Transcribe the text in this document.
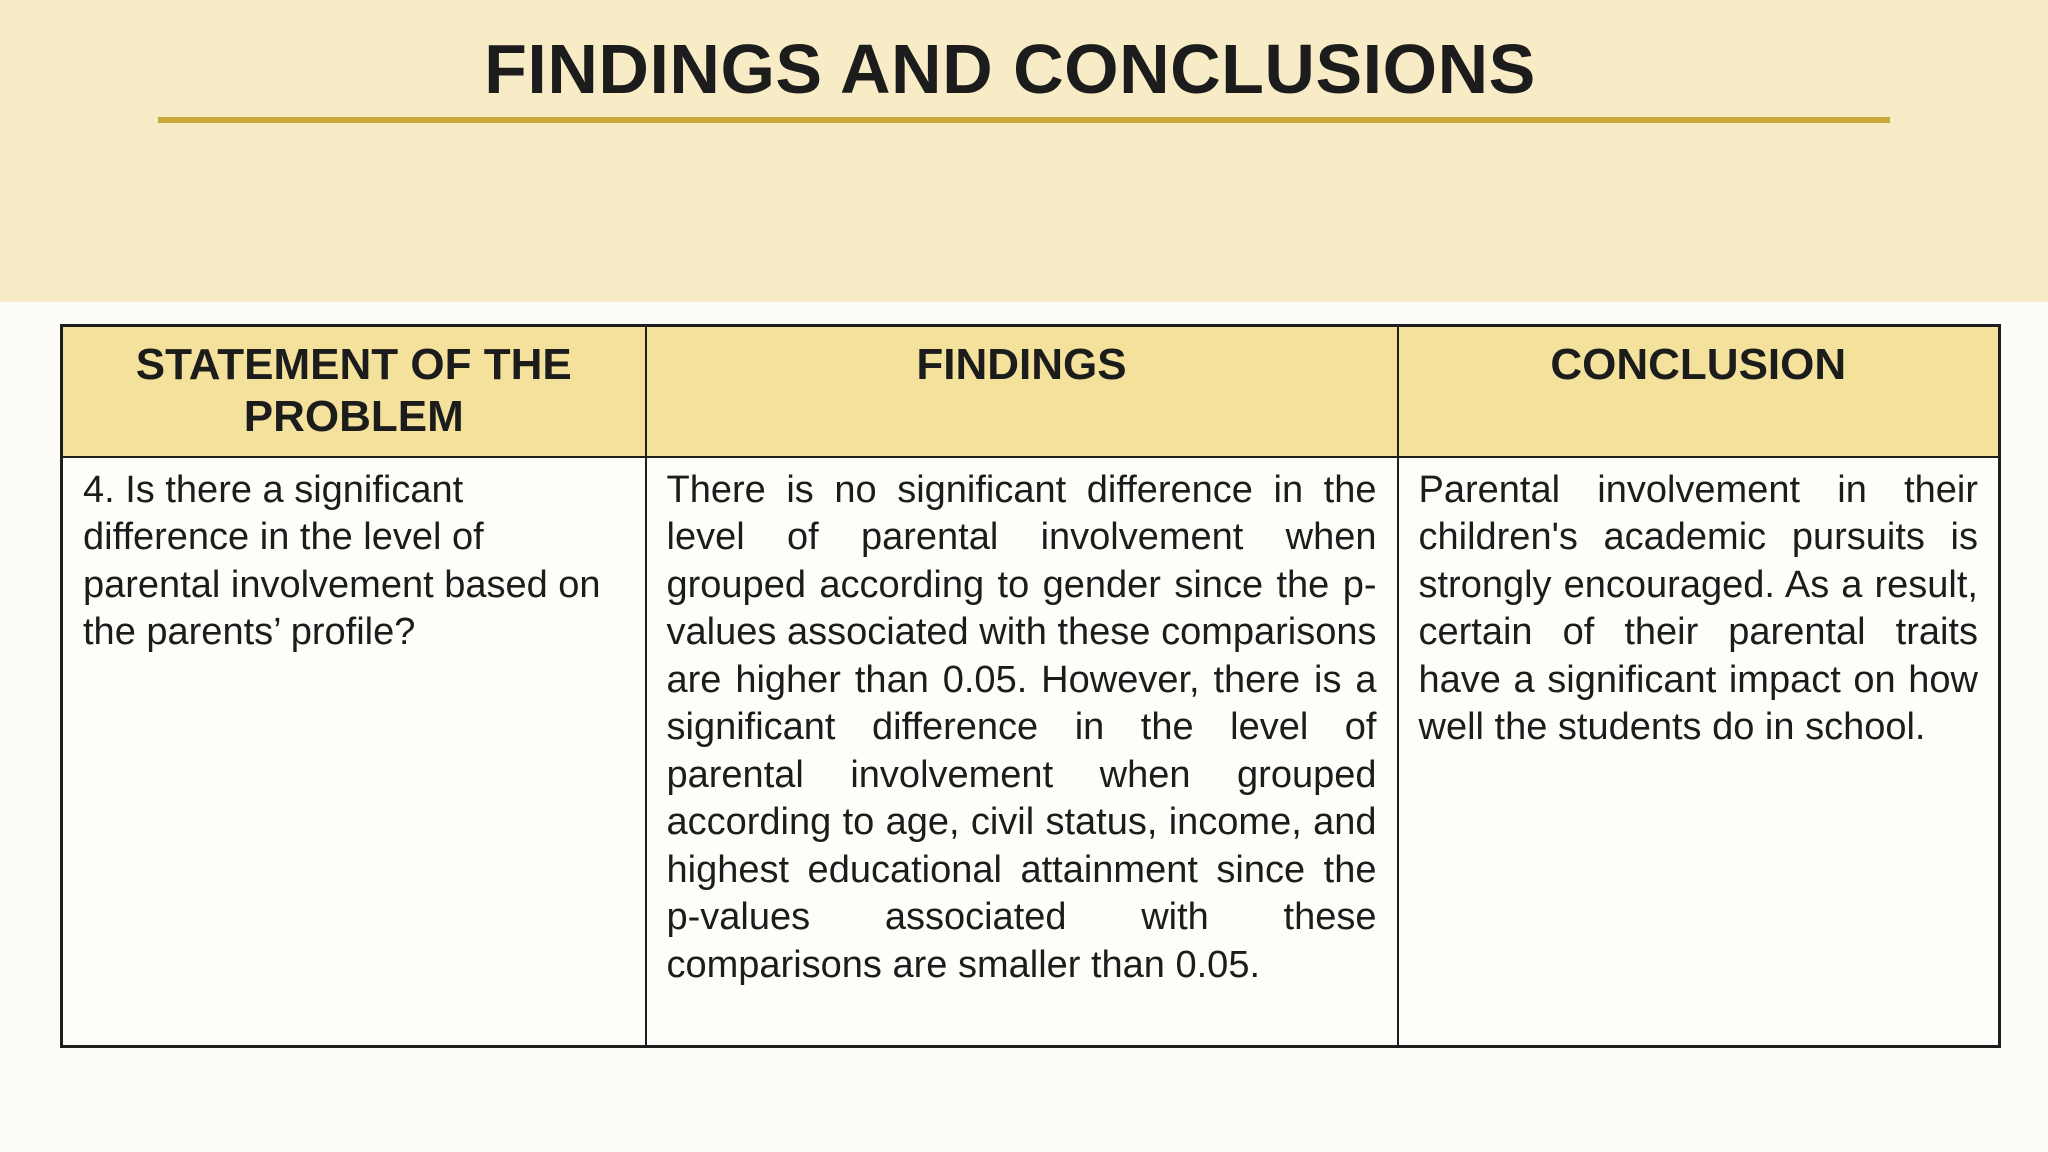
FINDINGS AND CONCLUSIONS
STATEMENT OF THE PROBLEM	FINDINGS	CONCLUSION
4. Is there a significant difference in the level of parental involvement based on the parents’ profile?	There is no significant difference in the level of parental involvement when grouped according to gender since the p-values associated with these comparisons are higher than 0.05. However, there is a significant difference in the level of parental involvement when grouped according to age, civil status, income, and highest educational attainment since the p-values associated with these comparisons are smaller than 0.05.	Parental involvement in their children's academic pursuits is strongly encouraged. As a result, certain of their parental traits have a significant impact on how well the students do in school.
